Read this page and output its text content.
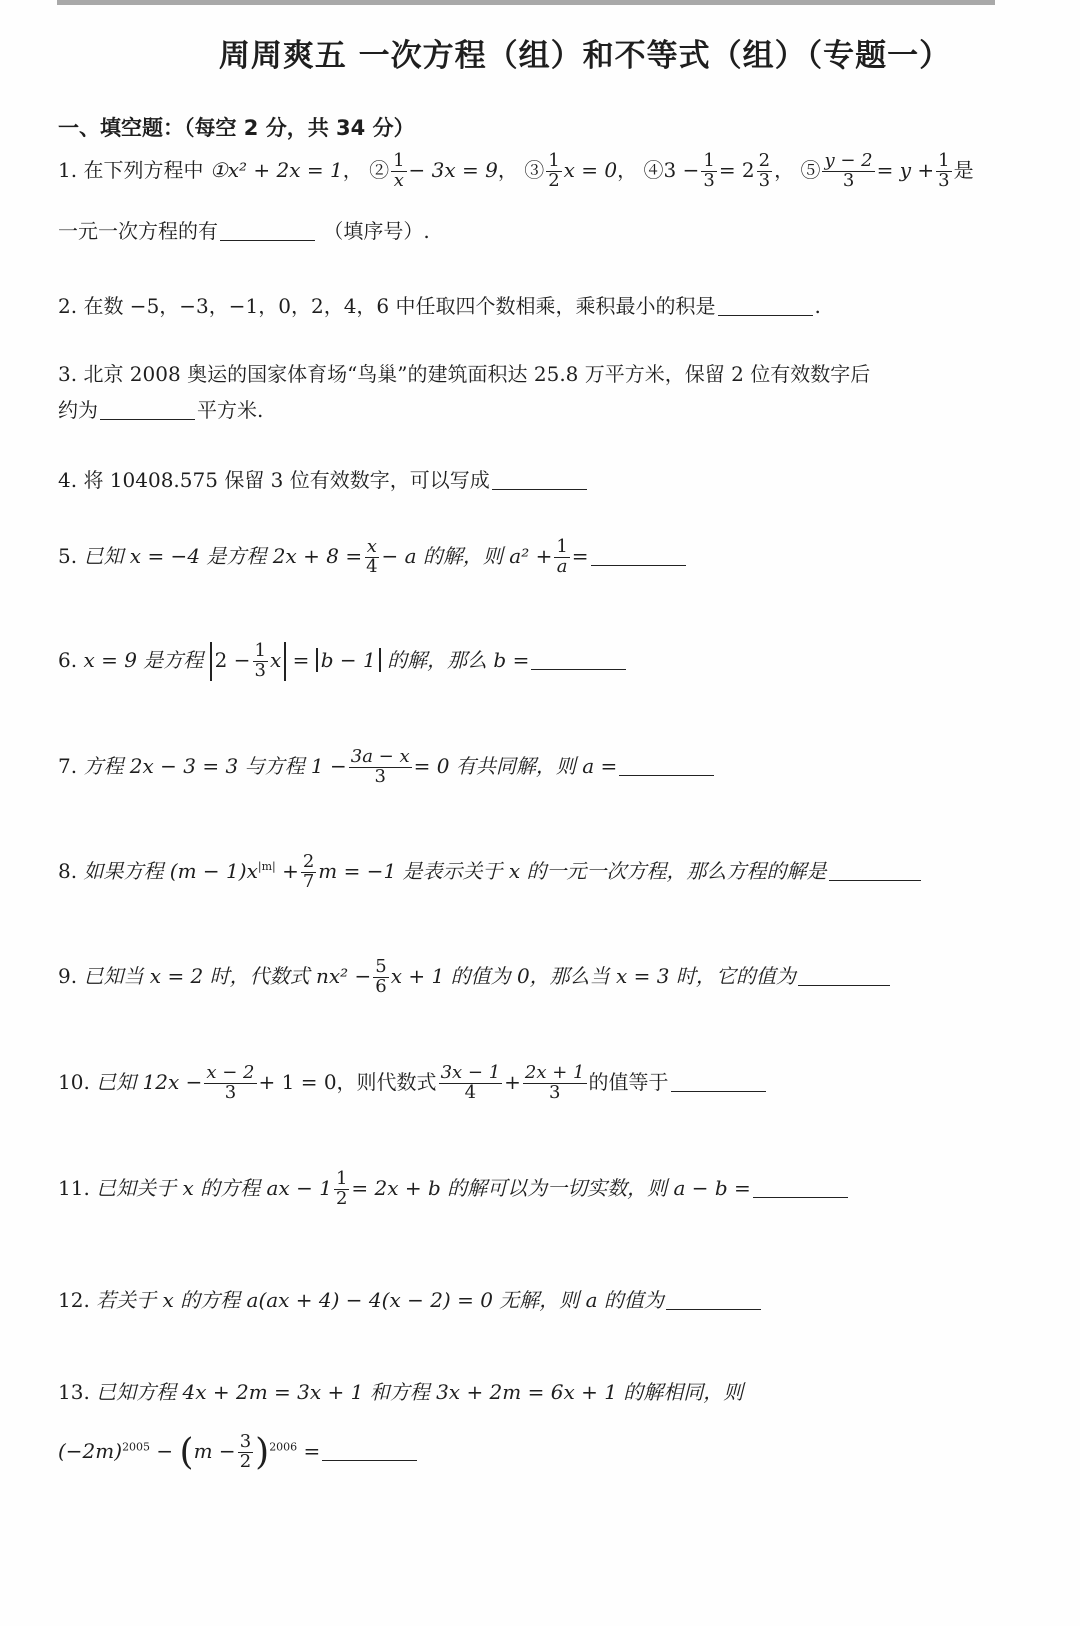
周周爽五 一次方程（组）和不等式（组）（专题一）
一、填空题：（每空 2 分，共 34 分）
1. 在下列方程中 ①x² + 2x = 1， ② $\frac{1}{x} - 3x = 9$， ③ $\frac{1}{2}$ x = 0， ④3 − $\frac{1}{3} = 2 \frac{2}{3}$ ， ⑤ $\frac{y - 2}{3} = y + \frac{1}{3}$ 是
一元一次方程的有	（填序号）.
2. 在数 −5，−3，−1，0，2，4，6 中任取四个数相乘，乘积最小的积是	.
3. 北京 2008 奥运的国家体育场“鸟巢”的建筑面积达 25.8 万平方米，保留 2 位有效数字后
约为	平方米.
4. 将 10408.575 保留 3 位有效数字，可以写成
5. 已知 x = −4 是方程 $2x + 8 = \frac{x}{4} - a$ 的解，则 $a^2 + \frac{1}{a}$ =
6. x = 9 是方程 $2 - \frac{1}{3}$ x = b − 1 的解，那么 b =
7. 方程 2x − 3 = 3 与方程 $1 - \frac{3a - x}{3} = 0$ 有共同解，则 a =
8. 如果方程 $(m - 1)x^{|m|} + \frac{2}{7}$ m = −1 是表示关于 x 的一元一次方程，那么方程的解是
9. 已知当 x = 2 时，代数式 $nx^2 - \frac{5}{6}$ x + 1 的值为 0，那么当 x = 3 时，它的值为
10. 已知 $12x - \frac{x - 2}{3} + 1 = 0$，则代数式 $\frac{3x - 1}{4} + \frac{2x + 1}{3}$ 的值等于
11. 已知关于 x 的方程 ax − $1 \frac{1}{2} = 2x + b$ 的解可以为一切实数，则 a − b =
12. 若关于 x 的方程 a(ax + 4) − 4(x − 2) = 0 无解，则 a 的值为
13. 已知方程 4x + 2m = 3x + 1 和方程 3x + 2m = 6x + 1 的解相同，则
$(-2m)^{2005} - (m - \frac{3}{2} )^{2006}$ =
